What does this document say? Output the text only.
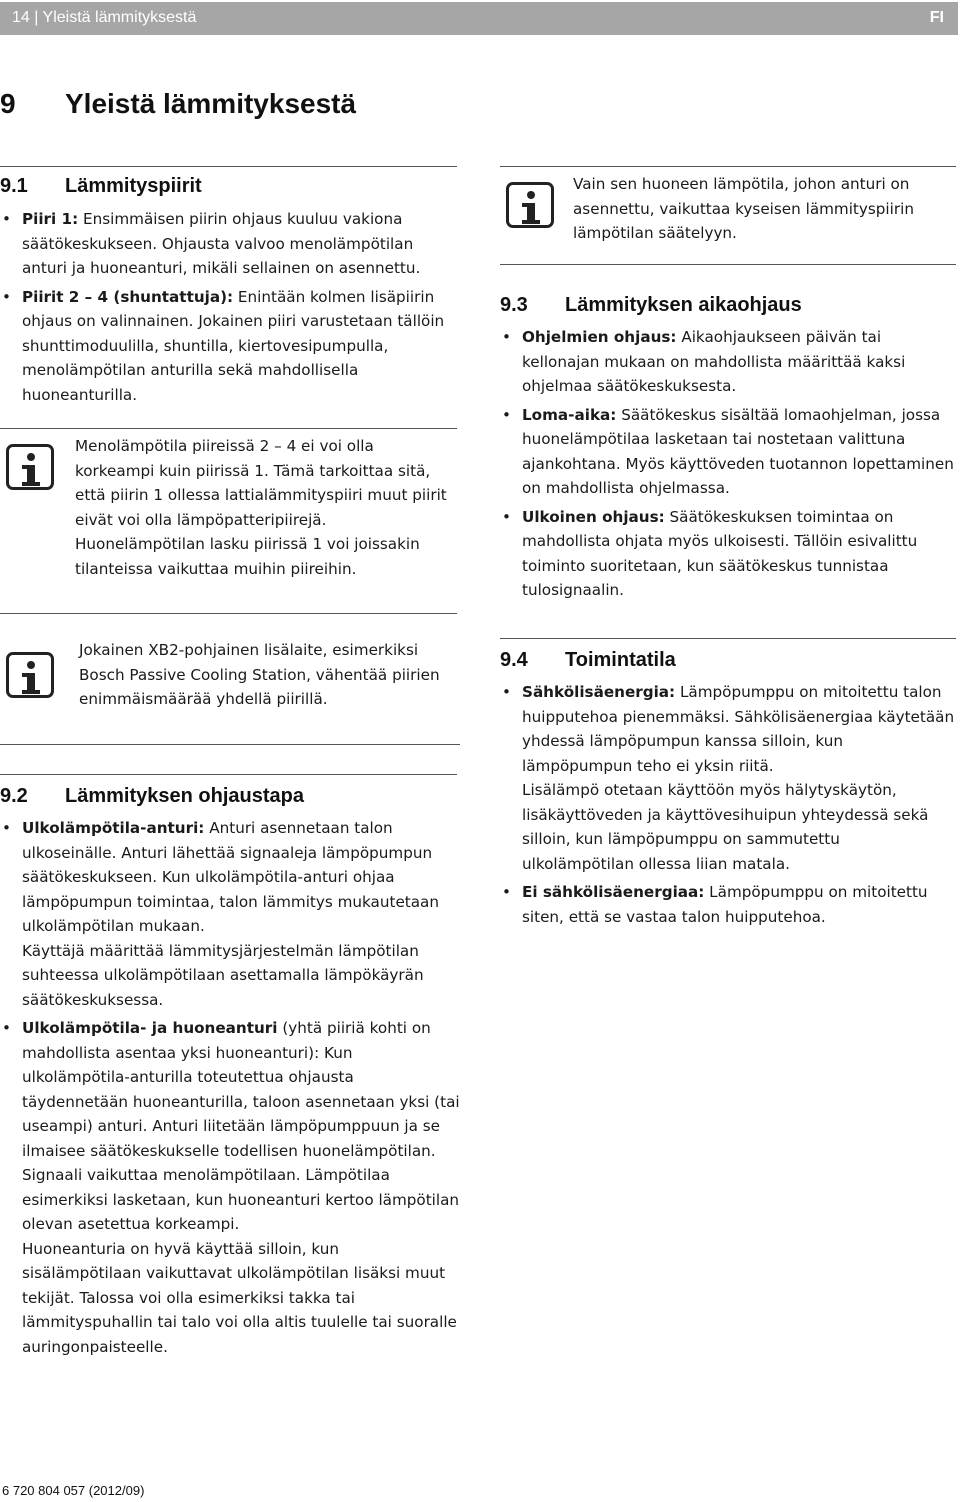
14 | Yleistä lämmityksestä	FI
9 Yleistä lämmityksestä
9.1 Lämmityspiirit
• Piiri 1: Ensimmäisen piirin ohjaus kuuluu vakiona säätökeskukseen. Ohjausta valvoo menolämpötilan anturi ja huoneanturi, mikäli sellainen on asennettu.
• Piirit 2 – 4 (shuntattuja): Enintään kolmen lisäpiirin ohjaus on valinnainen. Jokainen piiri varustetaan tällöin shunttimoduulilla, shuntilla, kiertovesipumpulla, menolämpötilan anturilla sekä mahdollisella huoneanturilla.
Menolämpötila piireissä 2 – 4 ei voi olla korkeampi kuin piirissä 1. Tämä tarkoittaa sitä, että piirin 1 ollessa lattialämmityspiiri muut piirit eivät voi olla lämpöpatteripiirejä. Huonelämpötilan lasku piirissä 1 voi joissakin tilanteissa vaikuttaa muihin piireihin.
Jokainen XB2-pohjainen lisälaite, esimerkiksi Bosch Passive Cooling Station, vähentää piirien enimmäismäärää yhdellä piirillä.
9.2 Lämmityksen ohjaustapa
• Ulkolämpötila-anturi: Anturi asennetaan talon ulkoseinälle. Anturi lähettää signaaleja lämpöpumpun säätökeskukseen. Kun ulkolämpötila-anturi ohjaa lämpöpumpun toimintaa, talon lämmitys mukautetaan ulkolämpötilan mukaan.
Käyttäjä määrittää lämmitysjärjestelmän lämpötilan suhteessa ulkolämpötilaan asettamalla lämpökäyrän säätökeskuksessa.
• Ulkolämpötila- ja huoneanturi (yhtä piiriä kohti on mahdollista asentaa yksi huoneanturi): Kun ulkolämpötila-anturilla toteutettua ohjausta täydennetään huoneanturilla, taloon asennetaan yksi (tai useampi) anturi. Anturi liitetään lämpöpumppuun ja se ilmaisee säätökeskukselle todellisen huonelämpötilan. Signaali vaikuttaa menolämpötilaan. Lämpötilaa esimerkiksi lasketaan, kun huoneanturi kertoo lämpötilan olevan asetettua korkeampi.
Huoneanturia on hyvä käyttää silloin, kun sisälämpötilaan vaikuttavat ulkolämpötilan lisäksi muut tekijät. Talossa voi olla esimerkiksi takka tai lämmityspuhallin tai talo voi olla altis tuulelle tai suoralle auringonpaisteelle.
Vain sen huoneen lämpötila, johon anturi on asennettu, vaikuttaa kyseisen lämmityspiirin lämpötilan säätelyyn.
9.3 Lämmityksen aikaohjaus
• Ohjelmien ohjaus: Aikaohjaukseen päivän tai kellonajan mukaan on mahdollista määrittää kaksi ohjelmaa säätökeskuksesta.
• Loma-aika: Säätökeskus sisältää lomaohjelman, jossa huonelämpötilaa lasketaan tai nostetaan valittuna ajankohtana. Myös käyttöveden tuotannon lopettaminen on mahdollista ohjelmassa.
• Ulkoinen ohjaus: Säätökeskuksen toimintaa on mahdollista ohjata myös ulkoisesti. Tällöin esivalittu toiminto suoritetaan, kun säätökeskus tunnistaa tulosignaalin.
9.4 Toimintatila
• Sähkölisäenergia: Lämpöpumppu on mitoitettu talon huipputehoa pienemmäksi. Sähkölisäenergiaa käytetään yhdessä lämpöpumpun kanssa silloin, kun lämpöpumpun teho ei yksin riitä.
Lisälämpö otetaan käyttöön myös hälytyskäytön, lisäkäyttöveden ja käyttövesihuipun yhteydessä sekä silloin, kun lämpöpumppu on sammutettu ulkolämpötilan ollessa liian matala.
• Ei sähkölisäenergiaa: Lämpöpumppu on mitoitettu siten, että se vastaa talon huipputehoa.
6 720 804 057 (2012/09)
